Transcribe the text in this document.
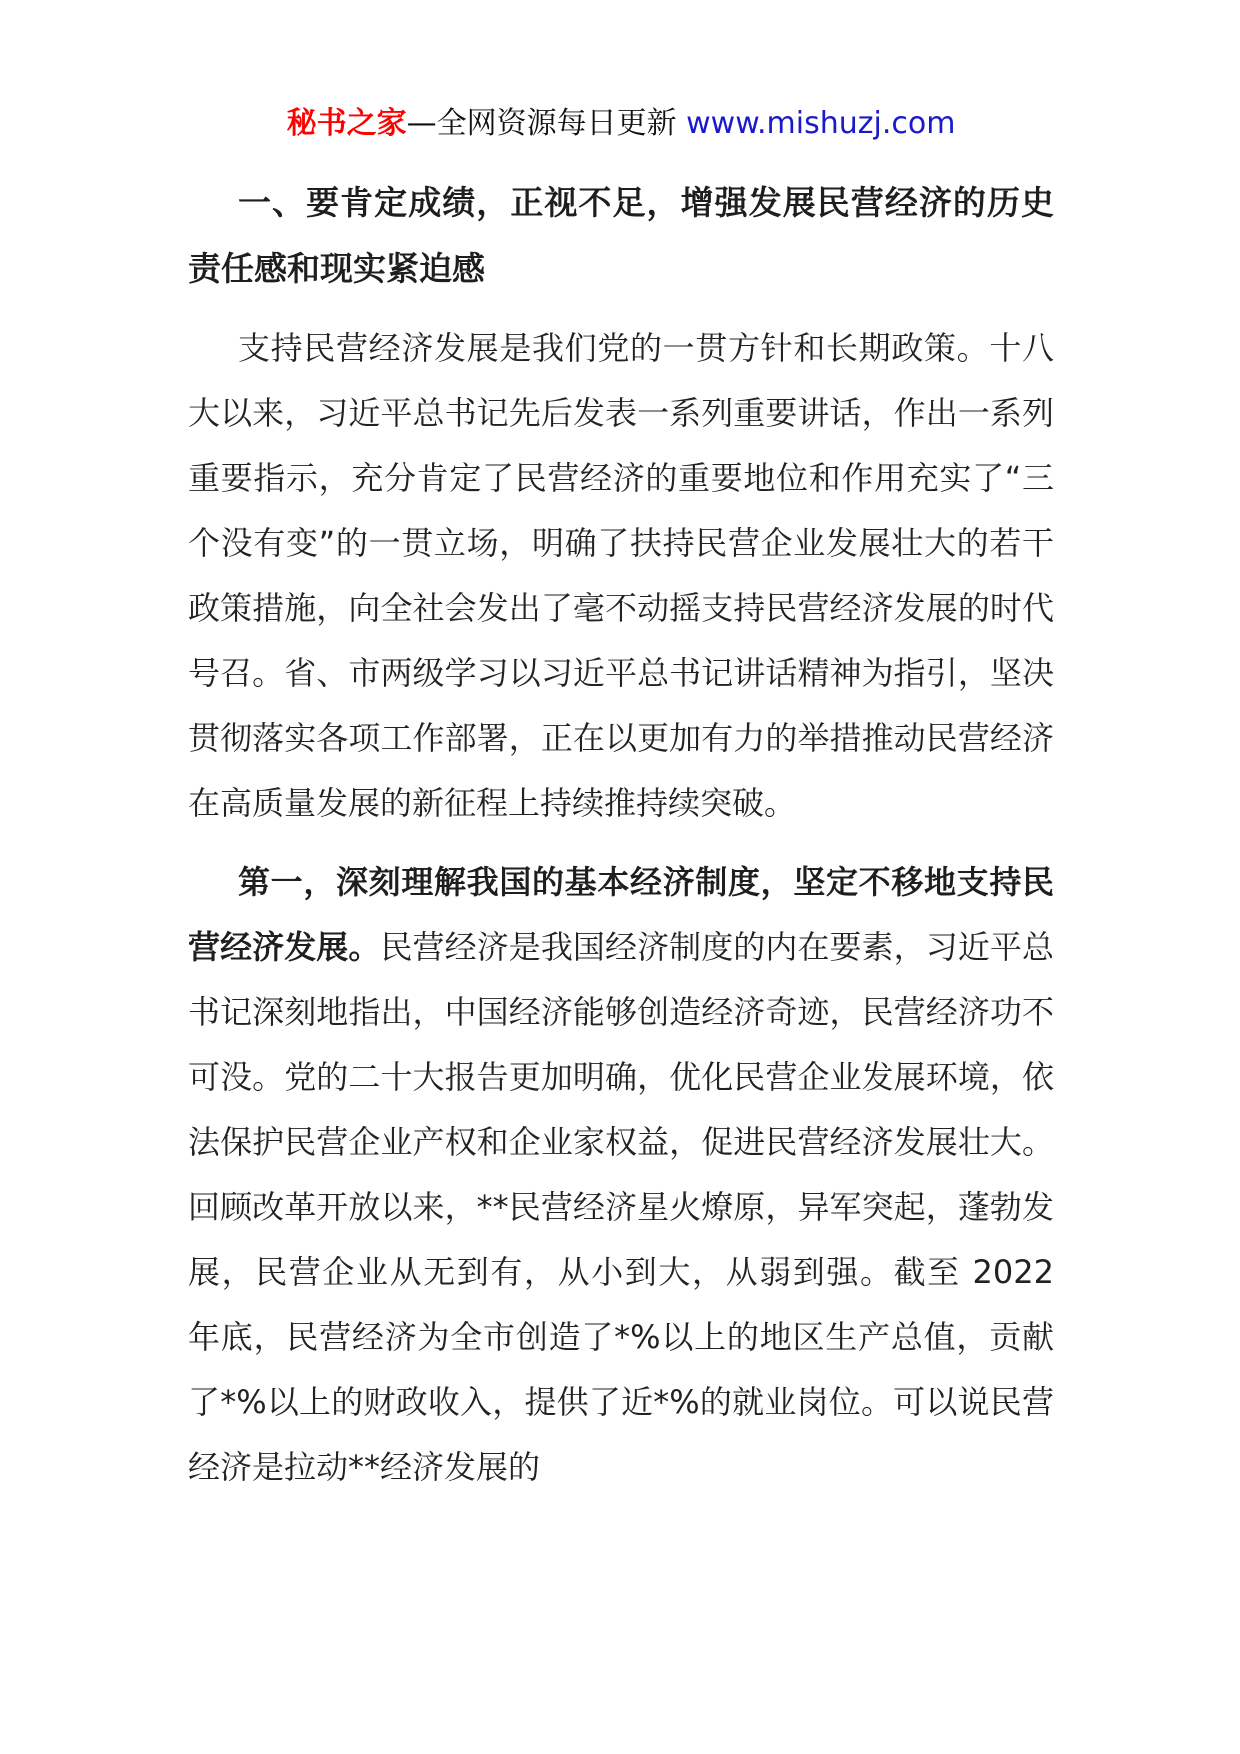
秘书之家—全网资源每日更新 www.mishuzj.com
一、要肯定成绩，正视不足，增强发展民营经济的历史责任感和现实紧迫感

支持民营经济发展是我们党的一贯方针和长期政策。十八大以来，习近平总书记先后发表一系列重要讲话，作出一系列重要指示，充分肯定了民营经济的重要地位和作用充实了“三个没有变”的一贯立场，明确了扶持民营企业发展壮大的若干政策措施，向全社会发出了毫不动摇支持民营经济发展的时代号召。省、市两级学习以习近平总书记讲话精神为指引，坚决贯彻落实各项工作部署，正在以更加有力的举措推动民营经济在高质量发展的新征程上持续推持续突破。

第一，深刻理解我国的基本经济制度，坚定不移地支持民营经济发展。民营经济是我国经济制度的内在要素，习近平总书记深刻地指出，中国经济能够创造经济奇迹，民营经济功不可没。党的二十大报告更加明确，优化民营企业发展环境，依法保护民营企业产权和企业家权益，促进民营经济发展壮大。回顾改革开放以来，**民营经济星火燎原，异军突起，蓬勃发展，民营企业从无到有，从小到大，从弱到强。截至 2022 年底，民营经济为全市创造了*%以上的地区生产总值，贡献了*%以上的财政收入，提供了近*%的就业岗位。可以说民营经济是拉动**经济发展的
